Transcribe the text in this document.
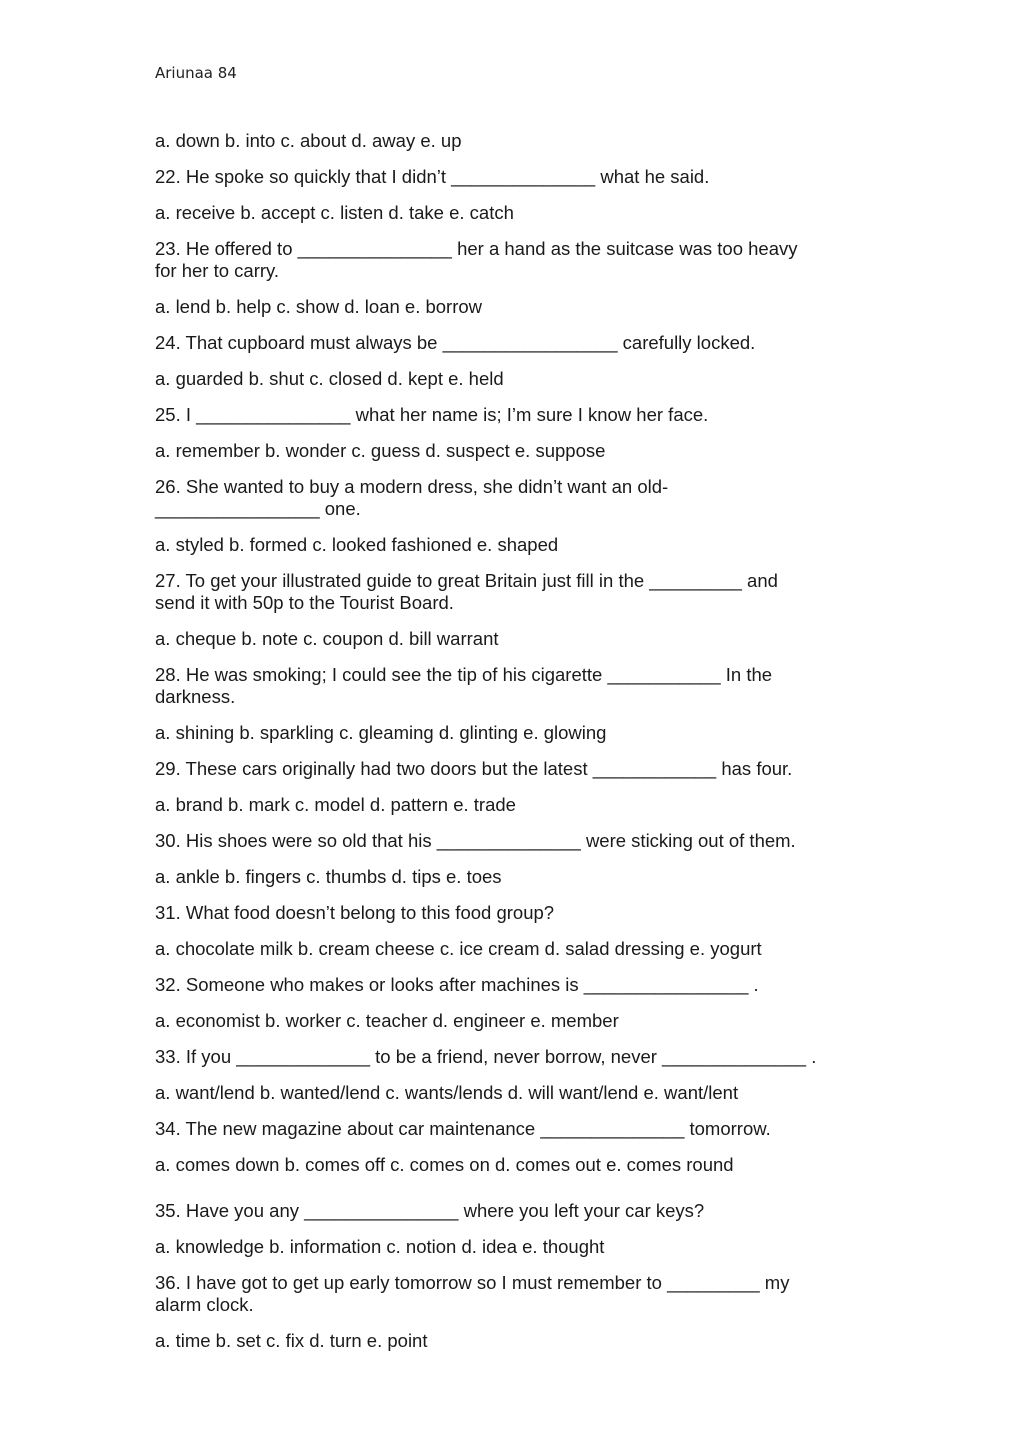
Ariunaa 84

a. down b. into c. about d. away e. up

22. He spoke so quickly that I didn’t ______________ what he said.

a. receive b. accept c. listen d. take e. catch

23. He offered to _______________ her a hand as the suitcase was too heavy
for her to carry.

a. lend b. help c. show d. loan e. borrow

24. That cupboard must always be _________________ carefully locked.

a. guarded b. shut c. closed d. kept e. held

25. I _______________ what her name is; I’m sure I know her face.

a. remember b. wonder c. guess d. suspect e. suppose

26. She wanted to buy a modern dress, she didn’t want an old-
________________ one.

a. styled b. formed c. looked fashioned e. shaped

27. To get your illustrated guide to great Britain just fill in the _________ and
send it with 50p to the Tourist Board.

a. cheque b. note c. coupon d. bill warrant

28. He was smoking; I could see the tip of his cigarette ___________ In the
darkness.

a. shining b. sparkling c. gleaming d. glinting e. glowing

29. These cars originally had two doors but the latest ____________ has four.

a. brand b. mark c. model d. pattern e. trade

30. His shoes were so old that his ______________ were sticking out of them.

a. ankle b. fingers c. thumbs d. tips e. toes

31. What food doesn’t belong to this food group?

a. chocolate milk b. cream cheese c. ice cream d. salad dressing e. yogurt

32. Someone who makes or looks after machines is ________________ .

a. economist b. worker c. teacher d. engineer e. member

33. If you _____________ to be a friend, never borrow, never ______________ .

a. want/lend b. wanted/lend c. wants/lends d. will want/lend e. want/lent

34. The new magazine about car maintenance ______________ tomorrow.

a. comes down b. comes off c. comes on d. comes out e. comes round

35. Have you any _______________ where you left your car keys?

a. knowledge b. information c. notion d. idea e. thought

36. I have got to get up early tomorrow so I must remember to _________ my
alarm clock.

a. time b. set c. fix d. turn e. point
